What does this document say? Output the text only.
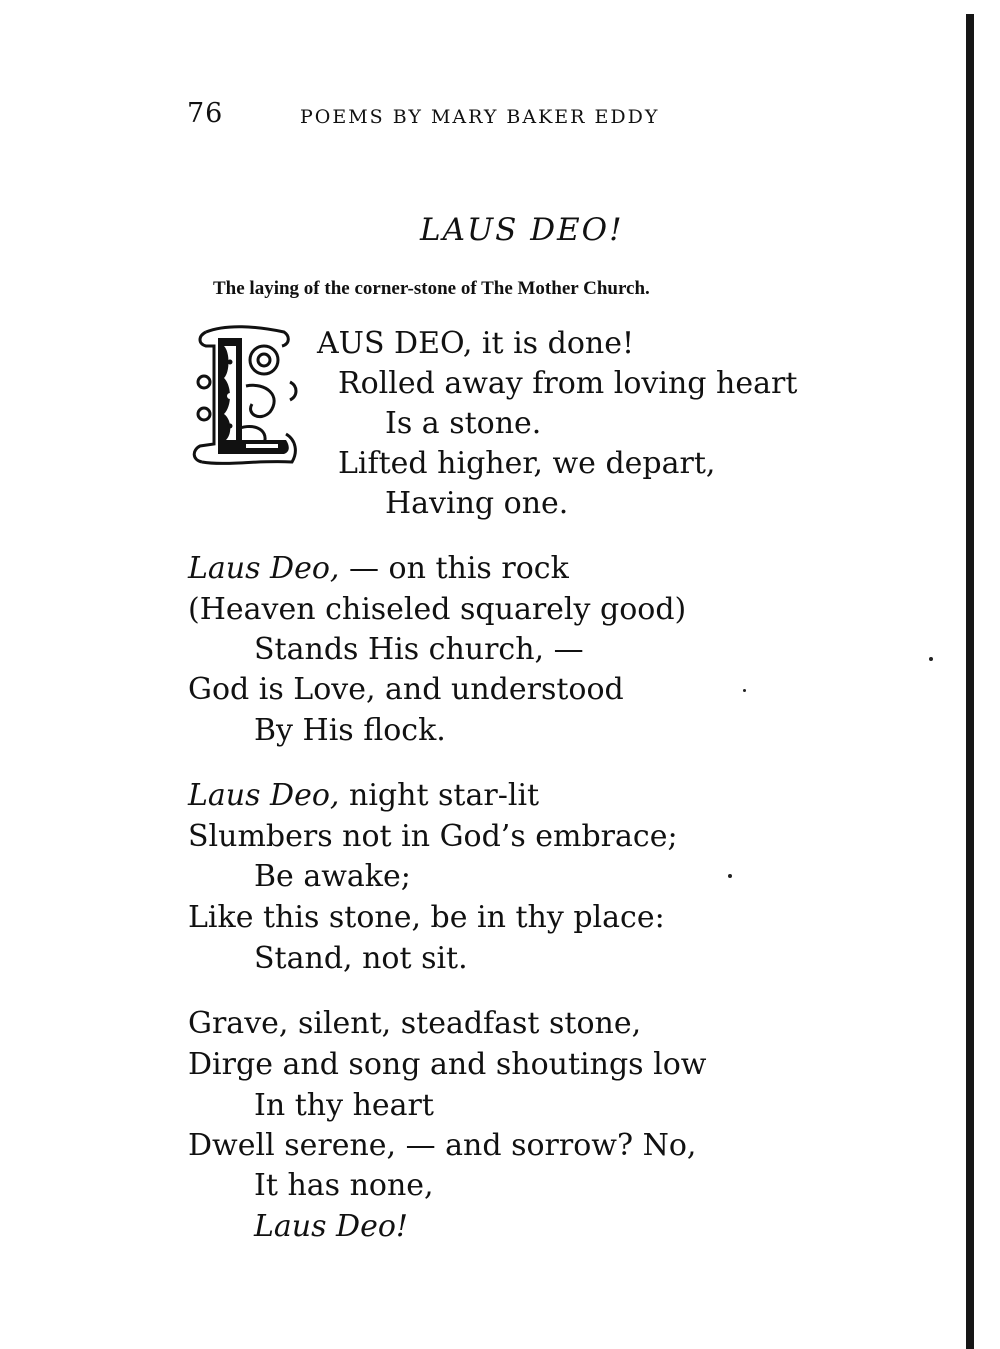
76	POEMS BY MARY BAKER EDDY
LAUS DEO!
The laying of the corner-stone of The Mother Church.
AUS DEO, it is done!
Rolled away from loving heart
Is a stone.
Lifted higher, we depart,
Having one.
Laus Deo, — on this rock
(Heaven chiseled squarely good)
Stands His church, —
God is Love, and understood
By His flock.
Laus Deo, night star-lit
Slumbers not in God’s embrace;
Be awake;
Like this stone, be in thy place:
Stand, not sit.
Grave, silent, steadfast stone,
Dirge and song and shoutings low
In thy heart
Dwell serene, — and sorrow? No,
It has none,
Laus Deo!
